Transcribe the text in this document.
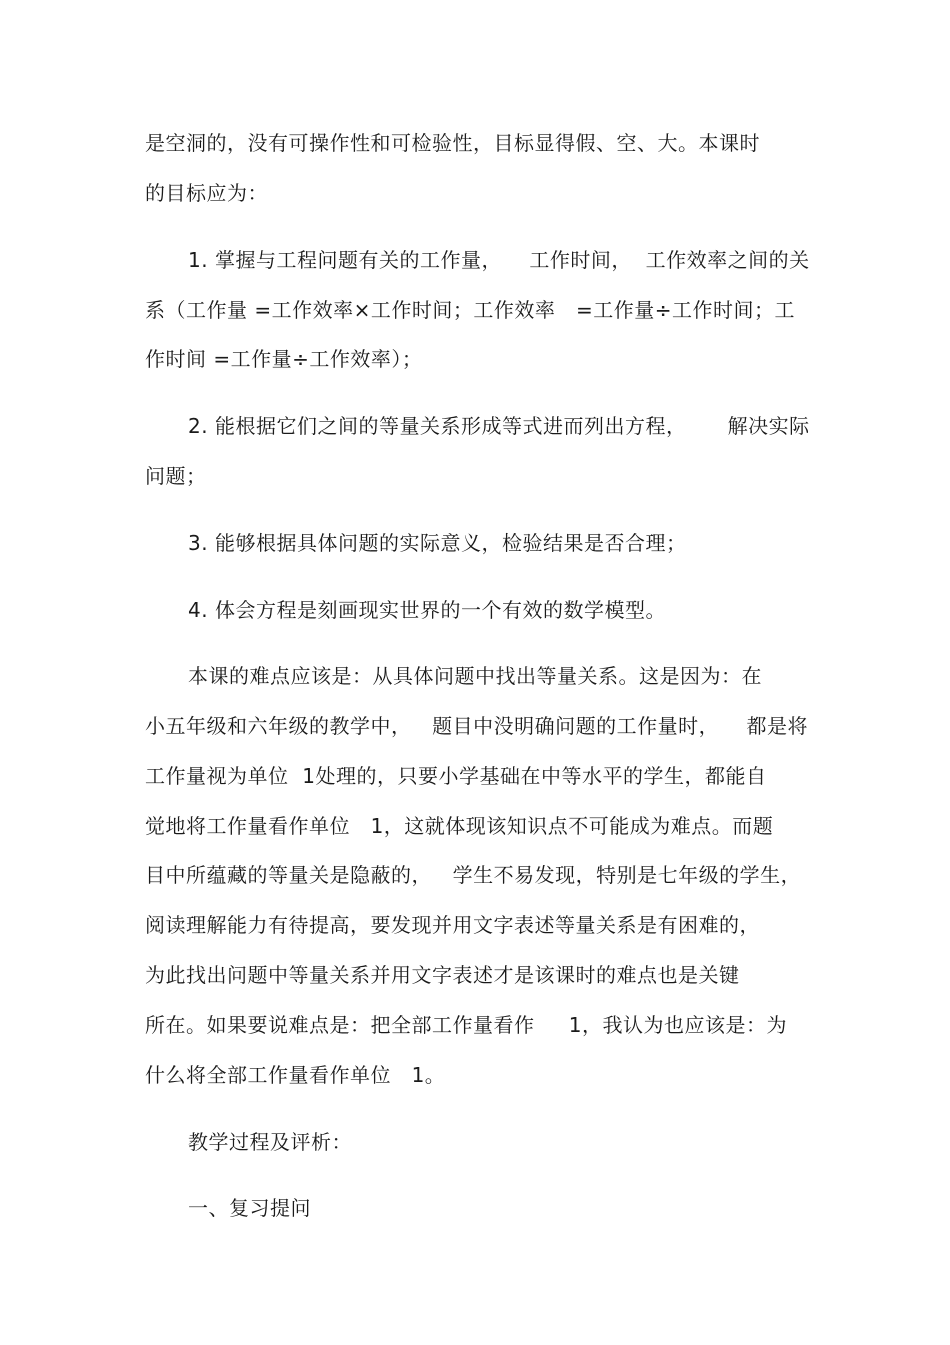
是空洞的，没有可操作性和可检验性，目标显得假、空、大。本课时
的目标应为：
1. 掌握与工程问题有关的工作量，    工作时间，  工作效率之间的关
系（工作量 =工作效率×工作时间；工作效率   =工作量÷工作时间；工
作时间 =工作量÷工作效率）；
2. 能根据它们之间的等量关系形成等式进而列出方程，      解决实际
问题；
3. 能够根据具体问题的实际意义，检验结果是否合理；
4. 体会方程是刻画现实世界的一个有效的数学模型。
本课的难点应该是：从具体问题中找出等量关系。这是因为：在
小五年级和六年级的教学中，   题目中没明确问题的工作量时，    都是将
工作量视为单位  1处理的，只要小学基础在中等水平的学生，都能自
觉地将工作量看作单位   1，这就体现该知识点不可能成为难点。而题
目中所蕴藏的等量关是隐蔽的，   学生不易发现，特别是七年级的学生，
阅读理解能力有待提高，要发现并用文字表述等量关系是有困难的，
为此找出问题中等量关系并用文字表述才是该课时的难点也是关键
所在。如果要说难点是：把全部工作量看作     1，我认为也应该是：为
什么将全部工作量看作单位   1。
教学过程及评析：
一、复习提问
